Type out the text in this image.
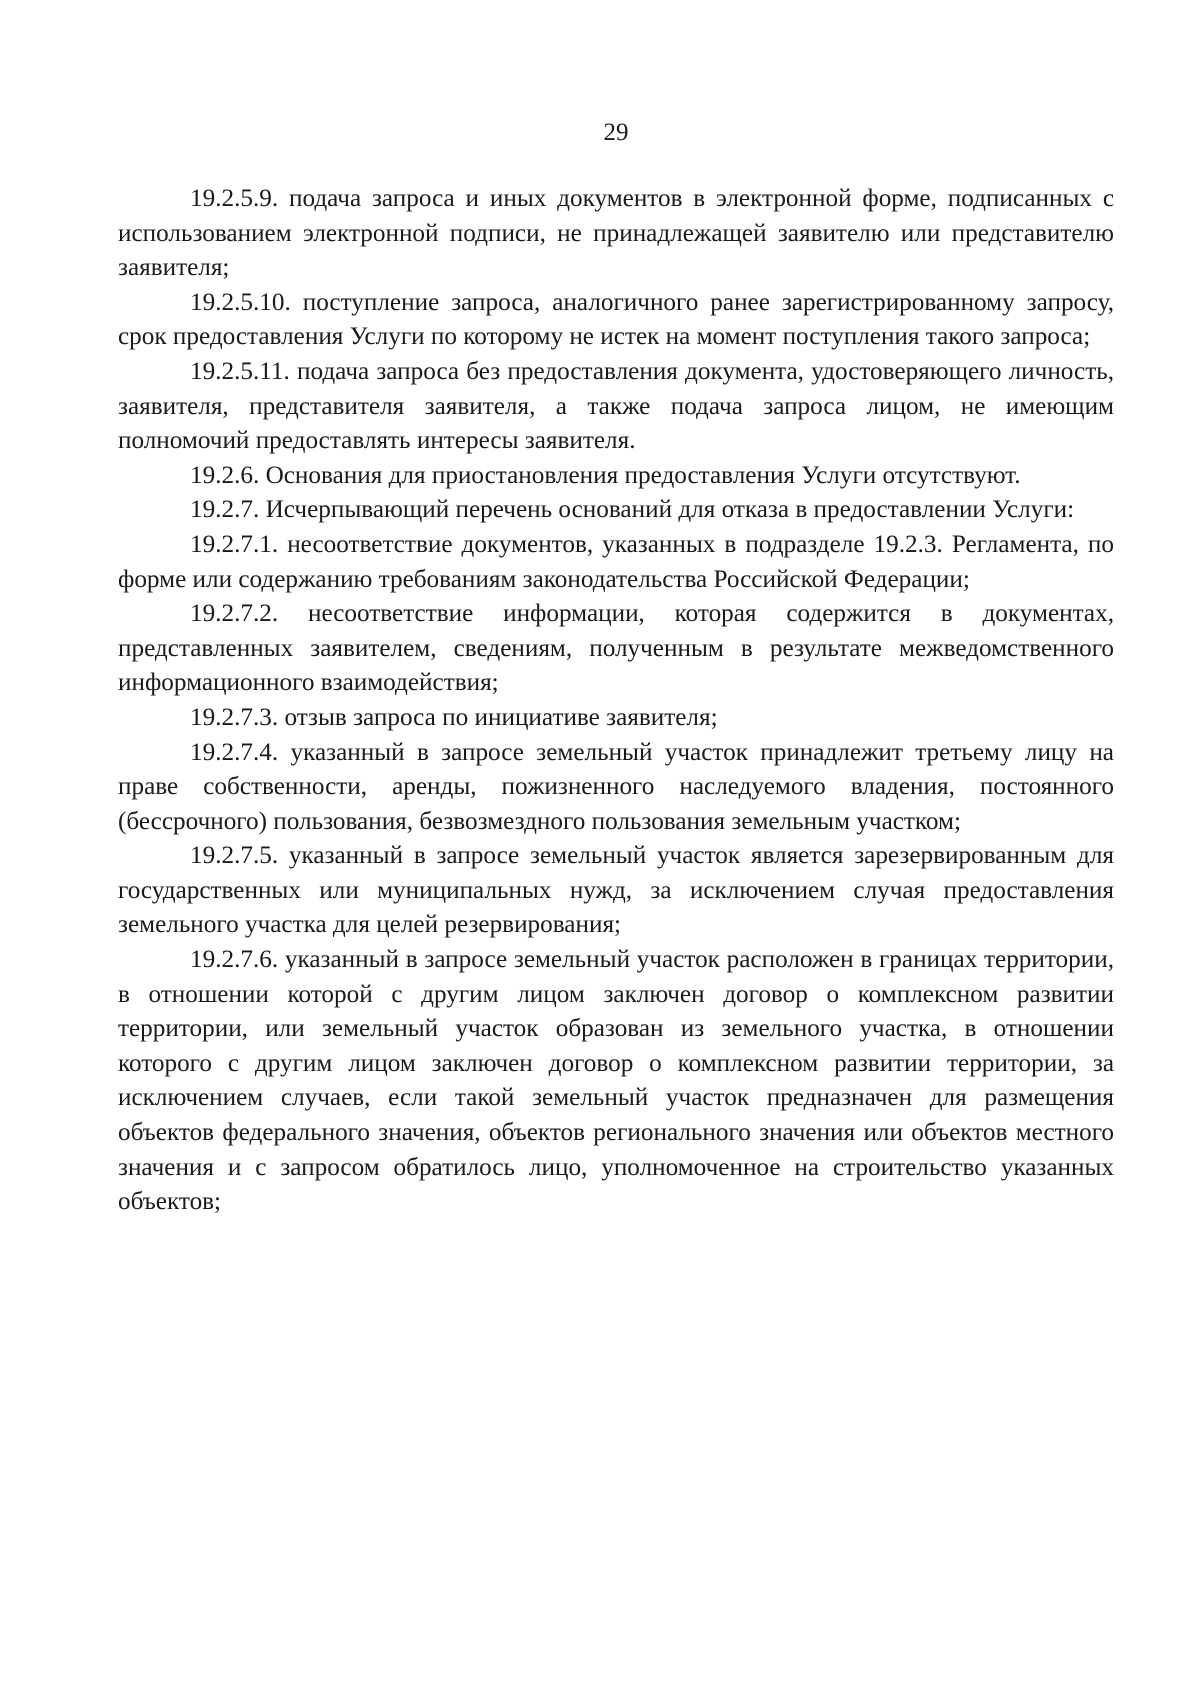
29

19.2.5.9. подача запроса и иных документов в электронной форме, подписанных с использованием электронной подписи, не принадлежащей заявителю или представителю заявителя;

19.2.5.10. поступление запроса, аналогичного ранее зарегистрированному запросу, срок предоставления Услуги по которому не истек на момент поступления такого запроса;

19.2.5.11. подача запроса без предоставления документа, удостоверяющего личность, заявителя, представителя заявителя, а также подача запроса лицом, не имеющим полномочий предоставлять интересы заявителя.

19.2.6. Основания для приостановления предоставления Услуги отсутствуют.

19.2.7. Исчерпывающий перечень оснований для отказа в предоставлении Услуги:

19.2.7.1. несоответствие документов, указанных в подразделе 19.2.3. Регламента, по форме или содержанию требованиям законодательства Российской Федерации;

19.2.7.2. несоответствие информации, которая содержится в документах, представленных заявителем, сведениям, полученным в результате межведомственного информационного взаимодействия;

19.2.7.3. отзыв запроса по инициативе заявителя;

19.2.7.4. указанный в запросе земельный участок принадлежит третьему лицу на праве собственности, аренды, пожизненного наследуемого владения, постоянного (бессрочного) пользования, безвозмездного пользования земельным участком;

19.2.7.5. указанный в запросе земельный участок является зарезервированным для государственных или муниципальных нужд, за исключением случая предоставления земельного участка для целей резервирования;

19.2.7.6. указанный в запросе земельный участок расположен в границах территории, в отношении которой с другим лицом заключен договор о комплексном развитии территории, или земельный участок образован из земельного участка, в отношении которого с другим лицом заключен договор о комплексном развитии территории, за исключением случаев, если такой земельный участок предназначен для размещения объектов федерального значения, объектов регионального значения или объектов местного значения и с запросом обратилось лицо, уполномоченное на строительство указанных объектов;
